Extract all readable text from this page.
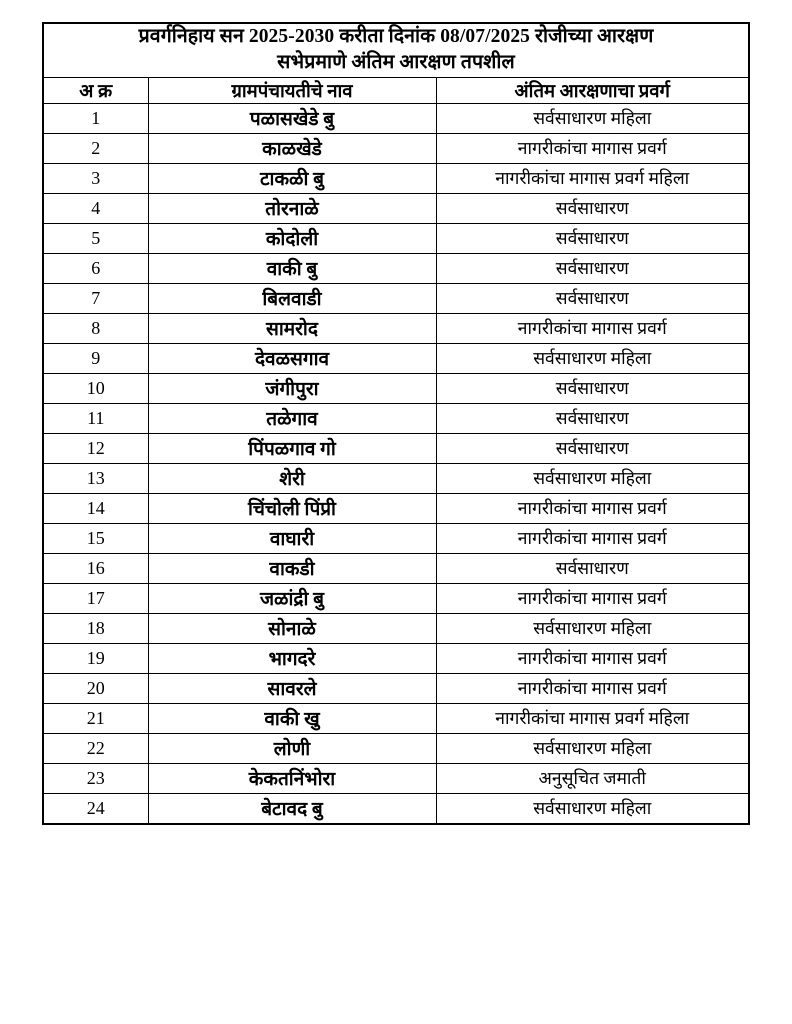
प्रवर्गनिहाय सन 2025-2030 करीता दिनांक 08/07/2025 रोजीच्या आरक्षण
सभेप्रमाणे अंतिम आरक्षण तपशील		

अ क्र	ग्रामपंचायतीचे नाव	अंतिम आरक्षणाचा प्रवर्ग
1	पळासखेडे बु	सर्वसाधारण महिला
2	काळखेडे	नागरीकांचा मागास प्रवर्ग
3	टाकळी बु	नागरीकांचा मागास प्रवर्ग महिला
4	तोरनाळे	सर्वसाधारण
5	कोदोली	सर्वसाधारण
6	वाकी बु	सर्वसाधारण
7	बिलवाडी	सर्वसाधारण
8	सामरोद	नागरीकांचा मागास प्रवर्ग
9	देवळसगाव	सर्वसाधारण महिला
10	जंगीपुरा	सर्वसाधारण
11	तळेगाव	सर्वसाधारण
12	पिंपळगाव गो	सर्वसाधारण
13	शेरी	सर्वसाधारण महिला
14	चिंचोली पिंप्री	नागरीकांचा मागास प्रवर्ग
15	वाघारी	नागरीकांचा मागास प्रवर्ग
16	वाकडी	सर्वसाधारण
17	जळांद्री बु	नागरीकांचा मागास प्रवर्ग
18	सोनाळे	सर्वसाधारण महिला
19	भागदरे	नागरीकांचा मागास प्रवर्ग
20	सावरले	नागरीकांचा मागास प्रवर्ग
21	वाकी खु	नागरीकांचा मागास प्रवर्ग महिला
22	लोणी	सर्वसाधारण महिला
23	केकतनिंभोरा	अनुसूचित जमाती
24	बेटावद बु	सर्वसाधारण महिला
